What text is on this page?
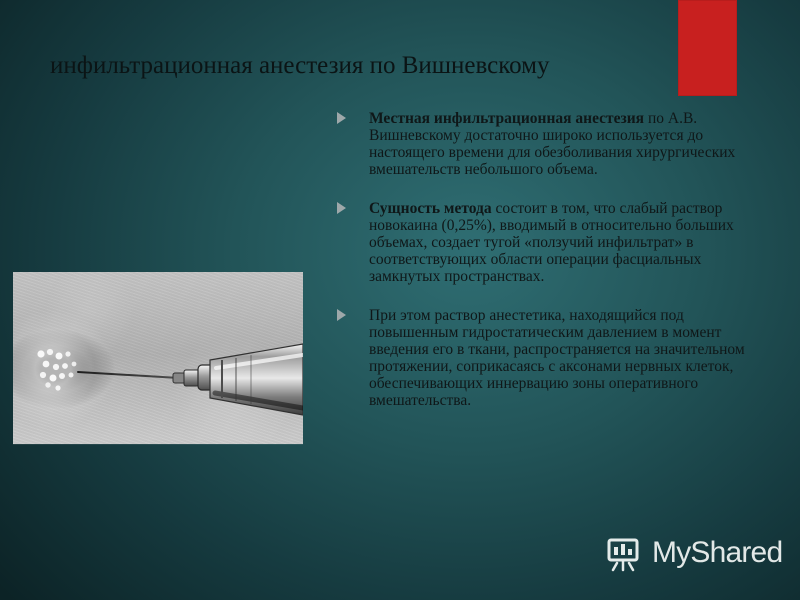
инфильтрационная анестезия по Вишневскому
Местная инфильтрационная анестезия по А.В. Вишневскому достаточно широко используется до настоящего времени для обезболивания хирургических вмешательств небольшого объема.
Сущность метода состоит в том, что слабый раствор новокаина (0,25%), вводимый в относительно больших объемах, создает тугой «ползучий инфильтрат» в соответствующих области операции фасциальных замкнутых пространствах.
При этом раствор анестетика, находящийся под повышенным гидростатическим давлением в момент введения его в ткани, распространяется на значительном протяжении, соприкасаясь с аксонами нервных клеток, обеспечивающих иннервацию зоны оперативного вмешательства.
MyShared
